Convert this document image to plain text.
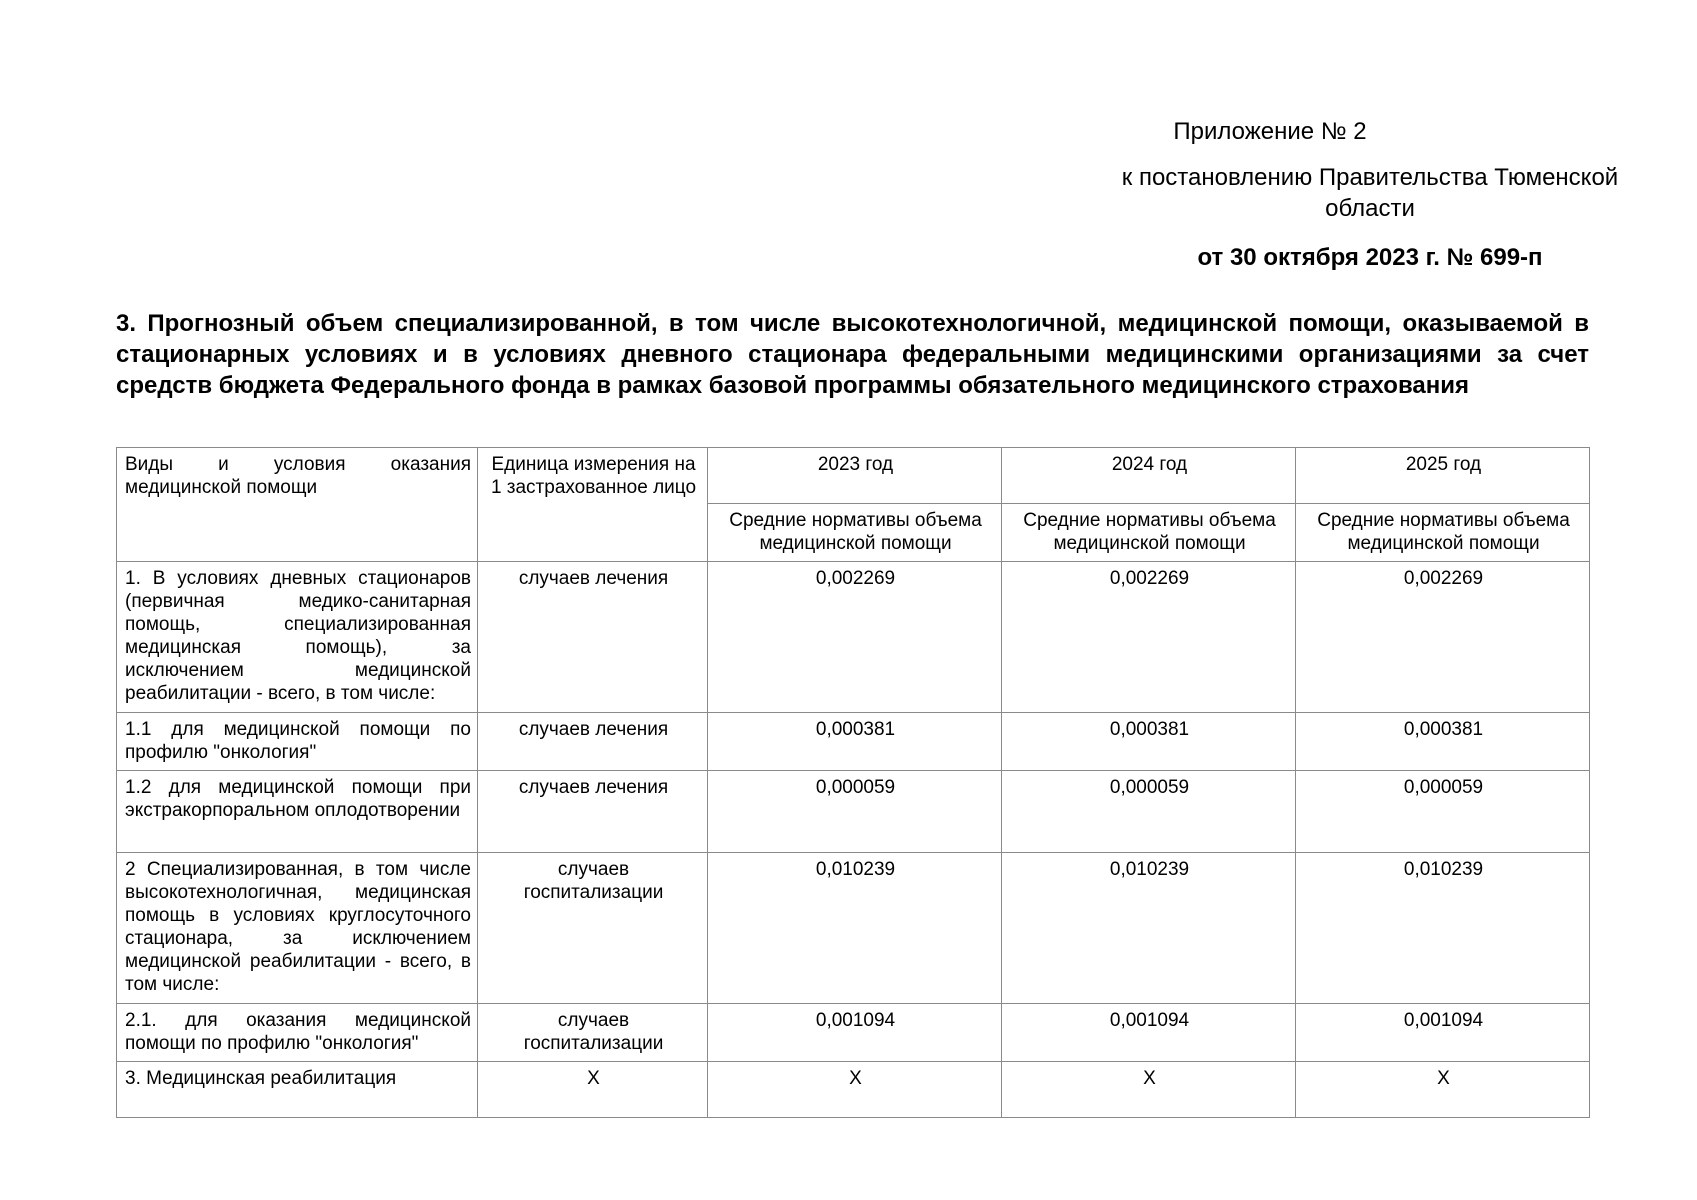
Приложение № 2
к постановлению Правительства Тюменской области
от 30 октября 2023 г. № 699-п
3. Прогнозный объем специализированной, в том числе высокотехнологичной, медицинской помощи, оказываемой в стационарных условиях и в условиях дневного стационара федеральными медицинскими организациями за счет средств бюджета Федерального фонда в рамках базовой программы обязательного медицинского страхования
Виды и условия оказания медицинской помощи	Единица измерения на 1 застрахованное лицо	2023 год	2024 год	2025 год
		Средние нормативы объема медицинской помощи	Средние нормативы объема медицинской помощи	Средние нормативы объема медицинской помощи
1. В условиях дневных стационаров (первичная медико-санитарная помощь, специализированная медицинская помощь), за исключением медицинской реабилитации - всего, в том числе:	случаев лечения	0,002269	0,002269	0,002269
1.1 для медицинской помощи по профилю "онкология"	случаев лечения	0,000381	0,000381	0,000381
1.2 для медицинской помощи при экстракорпоральном оплодотворении	случаев лечения	0,000059	0,000059	0,000059
2 Специализированная, в том числе высокотехнологичная, медицинская помощь в условиях круглосуточного стационара, за исключением медицинской реабилитации - всего, в том числе:	случаев госпитализации	0,010239	0,010239	0,010239
2.1. для оказания медицинской помощи по профилю "онкология"	случаев госпитализации	0,001094	0,001094	0,001094
3. Медицинская реабилитация	Х	Х	Х	Х
